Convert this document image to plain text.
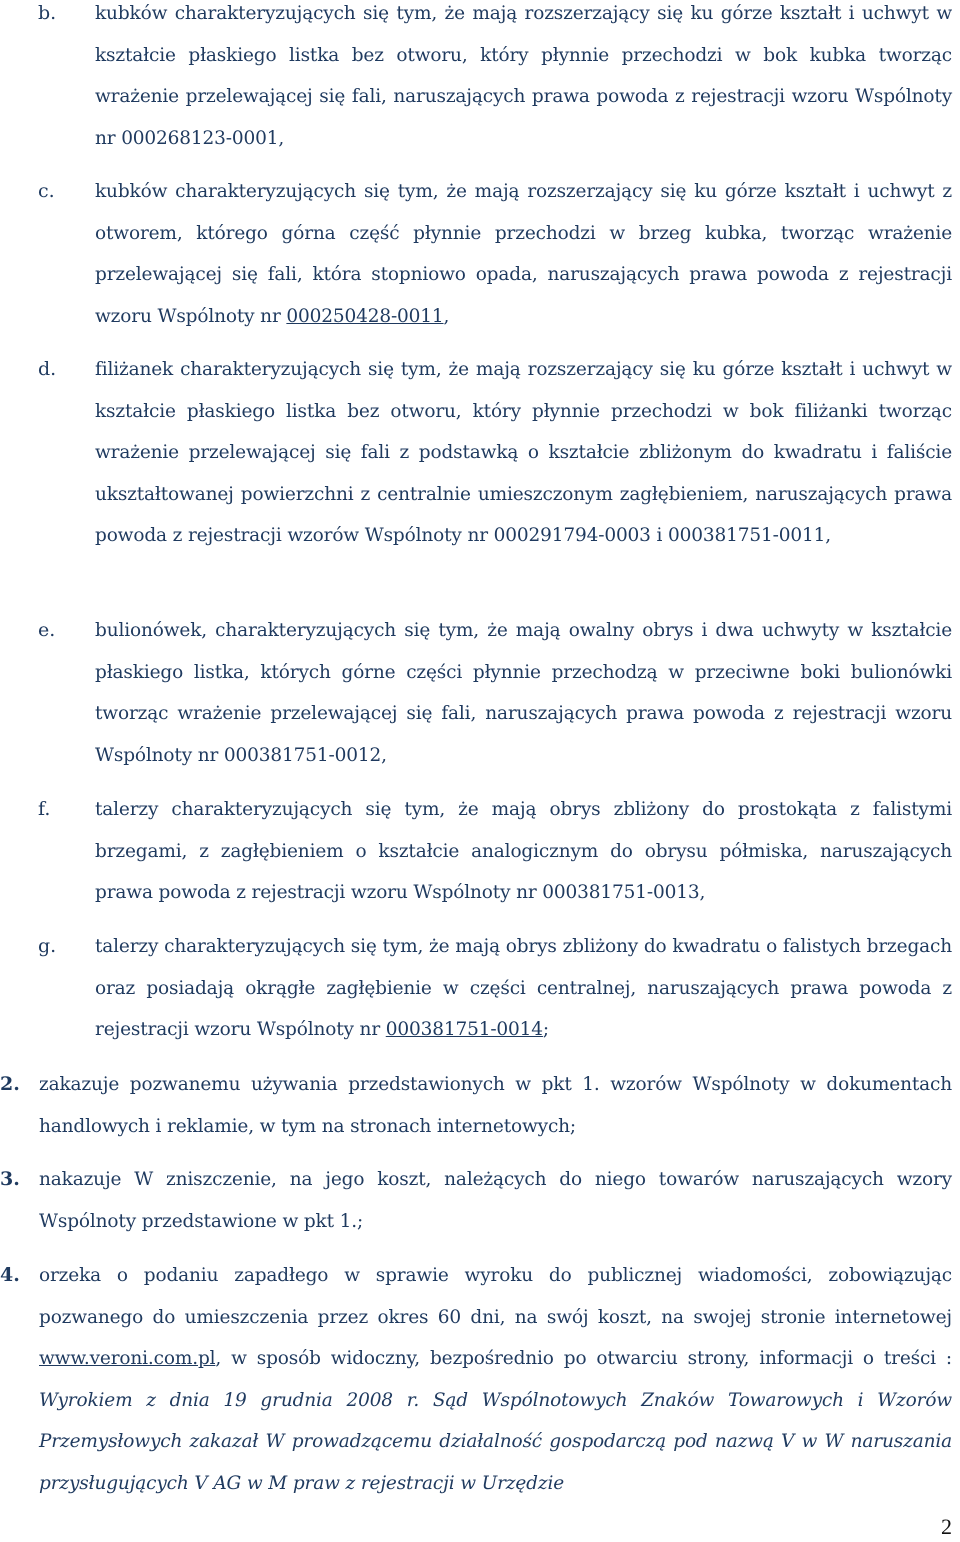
b. kubków charakteryzujących się tym, że mają rozszerzający się ku górze kształt i uchwyt w kształcie płaskiego listka bez otworu, który płynnie przechodzi w bok kubka tworząc wrażenie przelewającej się fali, naruszających prawa powoda z rejestracji wzoru Wspólnoty nr 000268123-0001,
c. kubków charakteryzujących się tym, że mają rozszerzający się ku górze kształt i uchwyt z otworem, którego górna część płynnie przechodzi w brzeg kubka, tworząc wrażenie przelewającej się fali, która stopniowo opada, naruszających prawa powoda z rejestracji wzoru Wspólnoty nr 000250428-0011,
d. filiżanek charakteryzujących się tym, że mają rozszerzający się ku górze kształt i uchwyt w kształcie płaskiego listka bez otworu, który płynnie przechodzi w bok filiżanki tworząc wrażenie przelewającej się fali z podstawką o kształcie zbliżonym do kwadratu i faliście ukształtowanej powierzchni z centralnie umieszczonym zagłębieniem, naruszających prawa powoda z rejestracji wzorów Wspólnoty nr 000291794-0003 i 000381751-0011,
e. bulionówek, charakteryzujących się tym, że mają owalny obrys i dwa uchwyty w kształcie płaskiego listka, których górne części płynnie przechodzą w przeciwne boki bulionówki tworząc wrażenie przelewającej się fali, naruszających prawa powoda z rejestracji wzoru Wspólnoty nr 000381751-0012,
f. talerzy charakteryzujących się tym, że mają obrys zbliżony do prostokąta z falistymi brzegami, z zagłębieniem o kształcie analogicznym do obrysu półmiska, naruszających prawa powoda z rejestracji wzoru Wspólnoty nr 000381751-0013,
g. talerzy charakteryzujących się tym, że mają obrys zbliżony do kwadratu o falistych brzegach oraz posiadają okrągłe zagłębienie w części centralnej, naruszających prawa powoda z rejestracji wzoru Wspólnoty nr 000381751-0014;
2. zakazuje pozwanemu używania przedstawionych w pkt 1. wzorów Wspólnoty w dokumentach handlowych i reklamie, w tym na stronach internetowych;
3. nakazuje W zniszczenie, na jego koszt, należących do niego towarów naruszających wzory Wspólnoty przedstawione w pkt 1.;
4. orzeka o podaniu zapadłego w sprawie wyroku do publicznej wiadomości, zobowiązując pozwanego do umieszczenia przez okres 60 dni, na swój koszt, na swojej stronie internetowej www.veroni.com.pl, w sposób widoczny, bezpośrednio po otwarciu strony, informacji o treści : Wyrokiem z dnia 19 grudnia 2008 r. Sąd Wspólnotowych Znaków Towarowych i Wzorów Przemysłowych zakazał W prowadzącemu działalność gospodarczą pod nazwą V w W naruszania przysługujących V AG w M praw z rejestracji w Urzędzie
2
